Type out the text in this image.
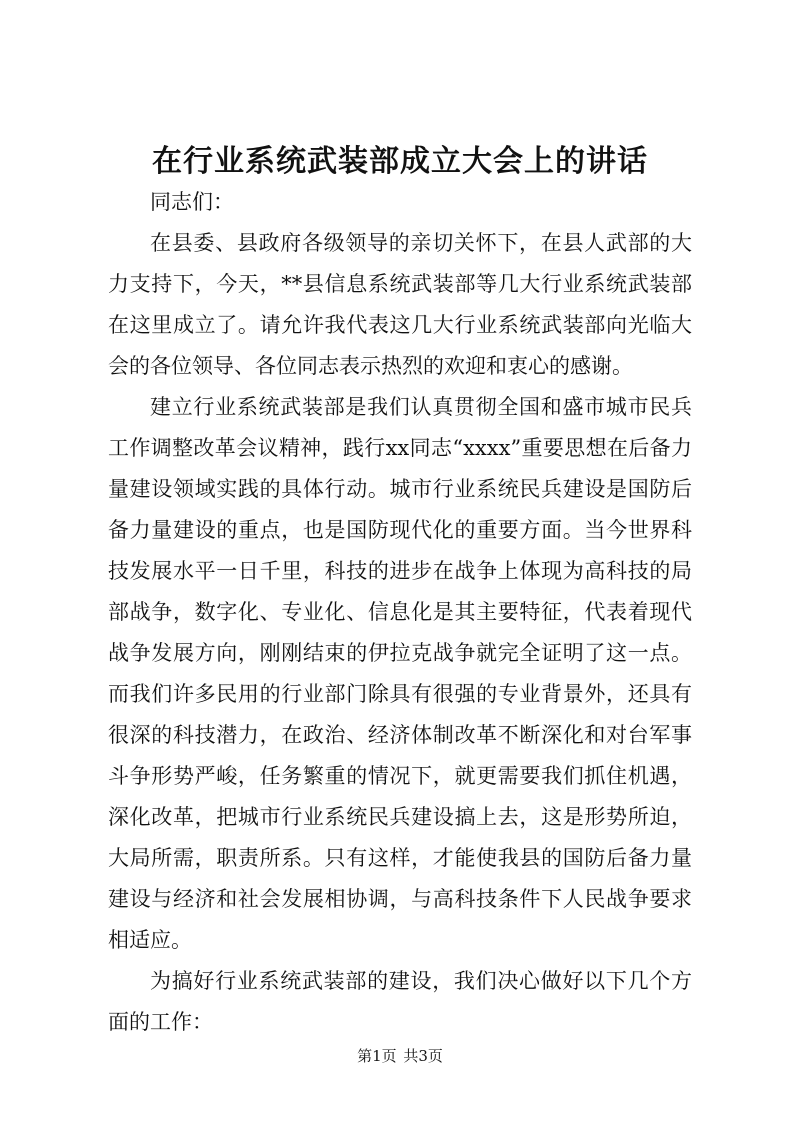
在行业系统武装部成立大会上的讲话

同志们：

在县委、县政府各级领导的亲切关怀下，在县人武部的大力支持下，今天，**县信息系统武装部等几大行业系统武装部在这里成立了。请允许我代表这几大行业系统武装部向光临大会的各位领导、各位同志表示热烈的欢迎和衷心的感谢。

建立行业系统武装部是我们认真贯彻全国和盛市城市民兵工作调整改革会议精神，践行xx同志“xxxx”重要思想在后备力量建设领域实践的具体行动。城市行业系统民兵建设是国防后备力量建设的重点，也是国防现代化的重要方面。当今世界科技发展水平一日千里，科技的进步在战争上体现为高科技的局部战争，数字化、专业化、信息化是其主要特征，代表着现代战争发展方向，刚刚结束的伊拉克战争就完全证明了这一点。而我们许多民用的行业部门除具有很强的专业背景外，还具有很深的科技潜力，在政治、经济体制改革不断深化和对台军事斗争形势严峻，任务繁重的情况下，就更需要我们抓住机遇，深化改革，把城市行业系统民兵建设搞上去，这是形势所迫，大局所需，职责所系。只有这样，才能使我县的国防后备力量建设与经济和社会发展相协调，与高科技条件下人民战争要求相适应。

为搞好行业系统武装部的建设，我们决心做好以下几个方面的工作：

第1页 共3页
